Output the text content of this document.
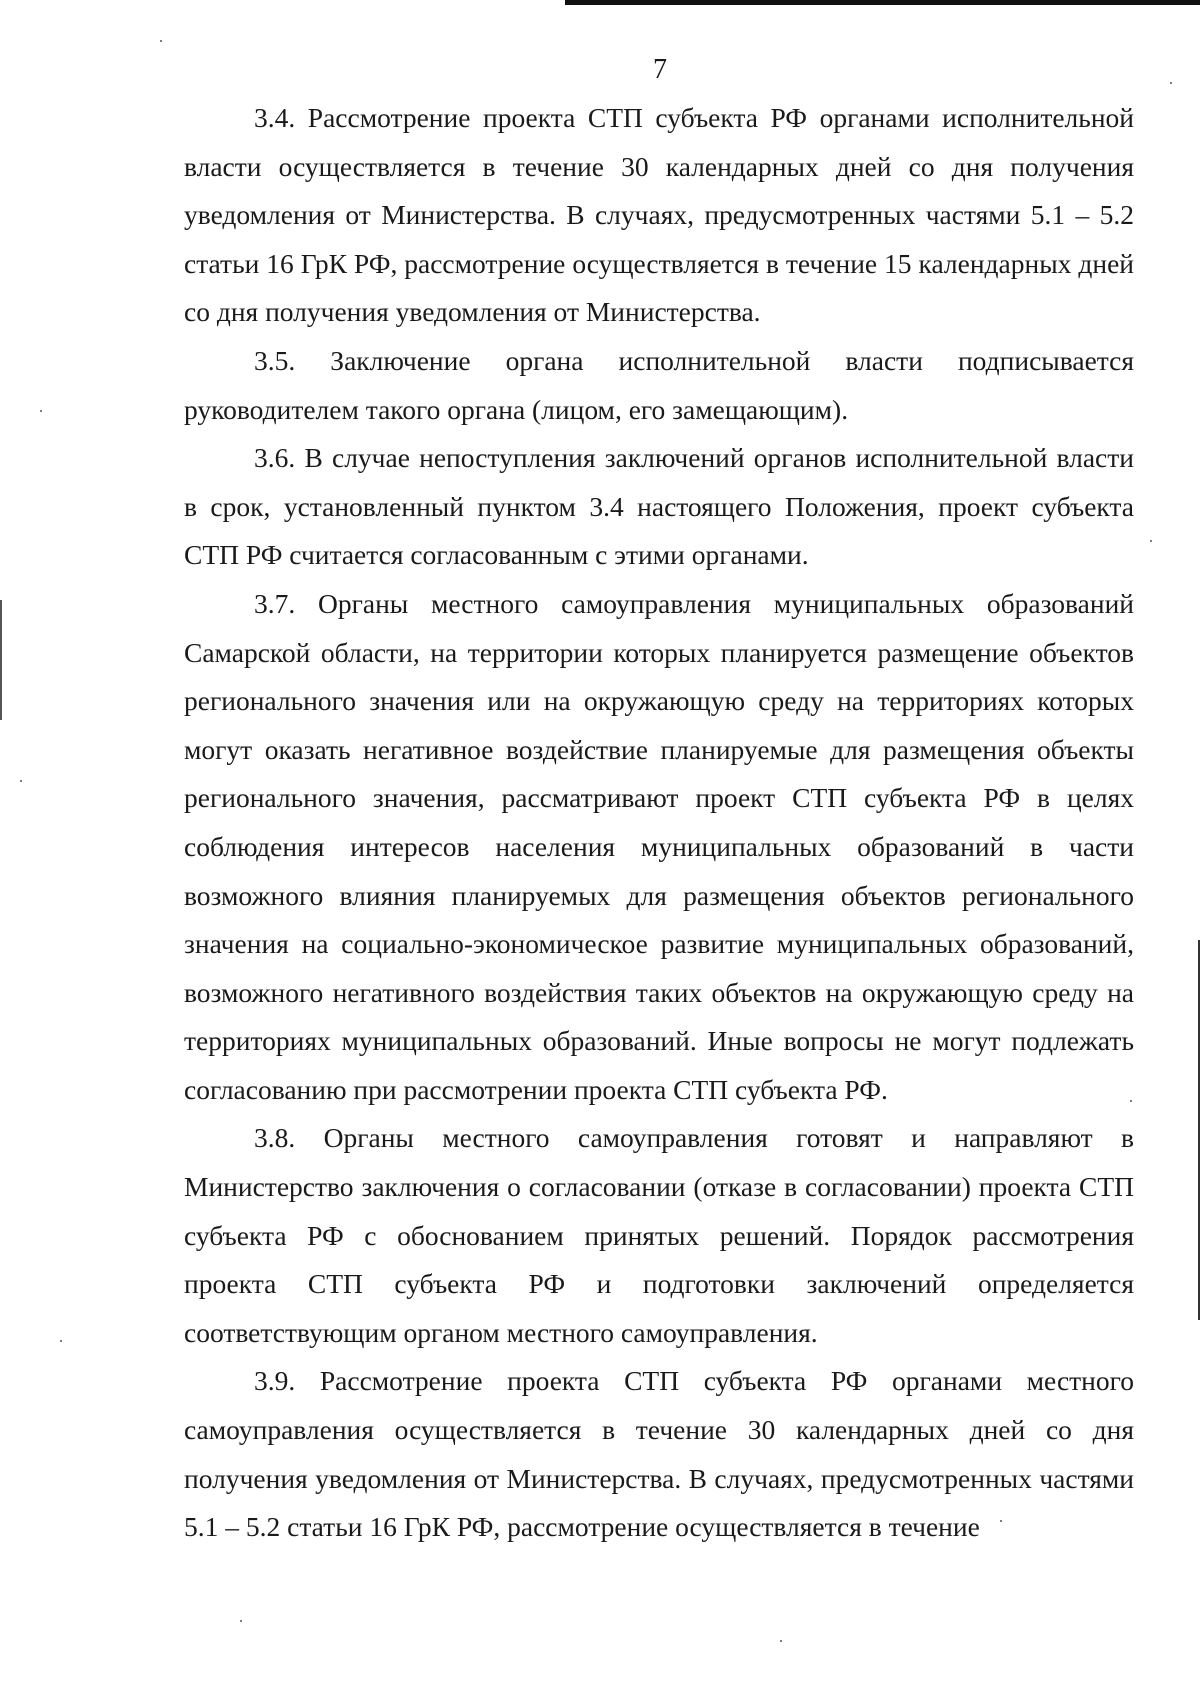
7

3.4. Рассмотрение проекта СТП субъекта РФ органами исполнительной власти осуществляется в течение 30 календарных дней со дня получения уведомления от Министерства. В случаях, предусмотренных частями 5.1 – 5.2 статьи 16 ГрК РФ, рассмотрение осуществляется в течение 15 календарных дней со дня получения уведомления от Министерства.

3.5. Заключение органа исполнительной власти подписывается руководителем такого органа (лицом, его замещающим).

3.6. В случае непоступления заключений органов исполнительной власти в срок, установленный пунктом 3.4 настоящего Положения, проект субъекта СТП РФ считается согласованным с этими органами.

3.7. Органы местного самоуправления муниципальных образований Самарской области, на территории которых планируется размещение объектов регионального значения или на окружающую среду на территориях которых могут оказать негативное воздействие планируемые для размещения объекты регионального значения, рассматривают проект СТП субъекта РФ в целях соблюдения интересов населения муниципальных образований в части возможного влияния планируемых для размещения объектов регионального значения на социально-экономическое развитие муниципальных образований, возможного негативного воздействия таких объектов на окружающую среду на территориях муниципальных образований. Иные вопросы не могут подлежать согласованию при рассмотрении проекта СТП субъекта РФ.

3.8. Органы местного самоуправления готовят и направляют в Министерство заключения о согласовании (отказе в согласовании) проекта СТП субъекта РФ с обоснованием принятых решений. Порядок рассмотрения проекта СТП субъекта РФ и подготовки заключений определяется соответствующим органом местного самоуправления.

3.9. Рассмотрение проекта СТП субъекта РФ органами местного самоуправления осуществляется в течение 30 календарных дней со дня получения уведомления от Министерства. В случаях, предусмотренных частями 5.1 – 5.2 статьи 16 ГрК РФ, рассмотрение осуществляется в течение
